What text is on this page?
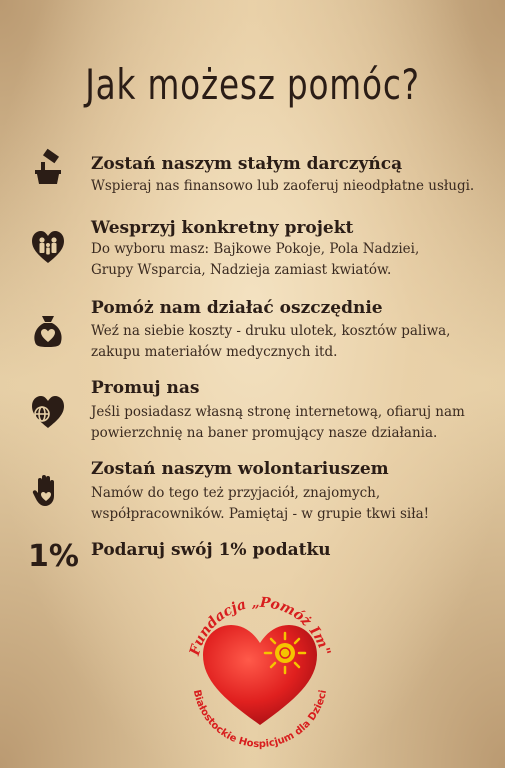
Jak możesz pomóc?
Zostań naszym stałym darczyńcą
Wspieraj nas finansowo lub zaoferuj nieodpłatne usługi.
Wesprzyj konkretny projekt
Do wyboru masz: Bajkowe Pokoje, Pola Nadziei,
Grupy Wsparcia, Nadzieja zamiast kwiatów.
Pomóż nam działać oszczędnie
Weź na siebie koszty - druku ulotek, kosztów paliwa,
zakupu materiałów medycznych itd.
Promuj nas
Jeśli posiadasz własną stronę internetową, ofiaruj nam
powierzchnię na baner promujący nasze działania.
Zostań naszym wolontariuszem
Namów do tego też przyjaciół, znajomych,
współpracowników. Pamiętaj - w grupie tkwi siła!
1% Podaruj swój 1% podatku
Fundacja „Pomóż Im"
Białostockie Hospicjum dla Dzieci
